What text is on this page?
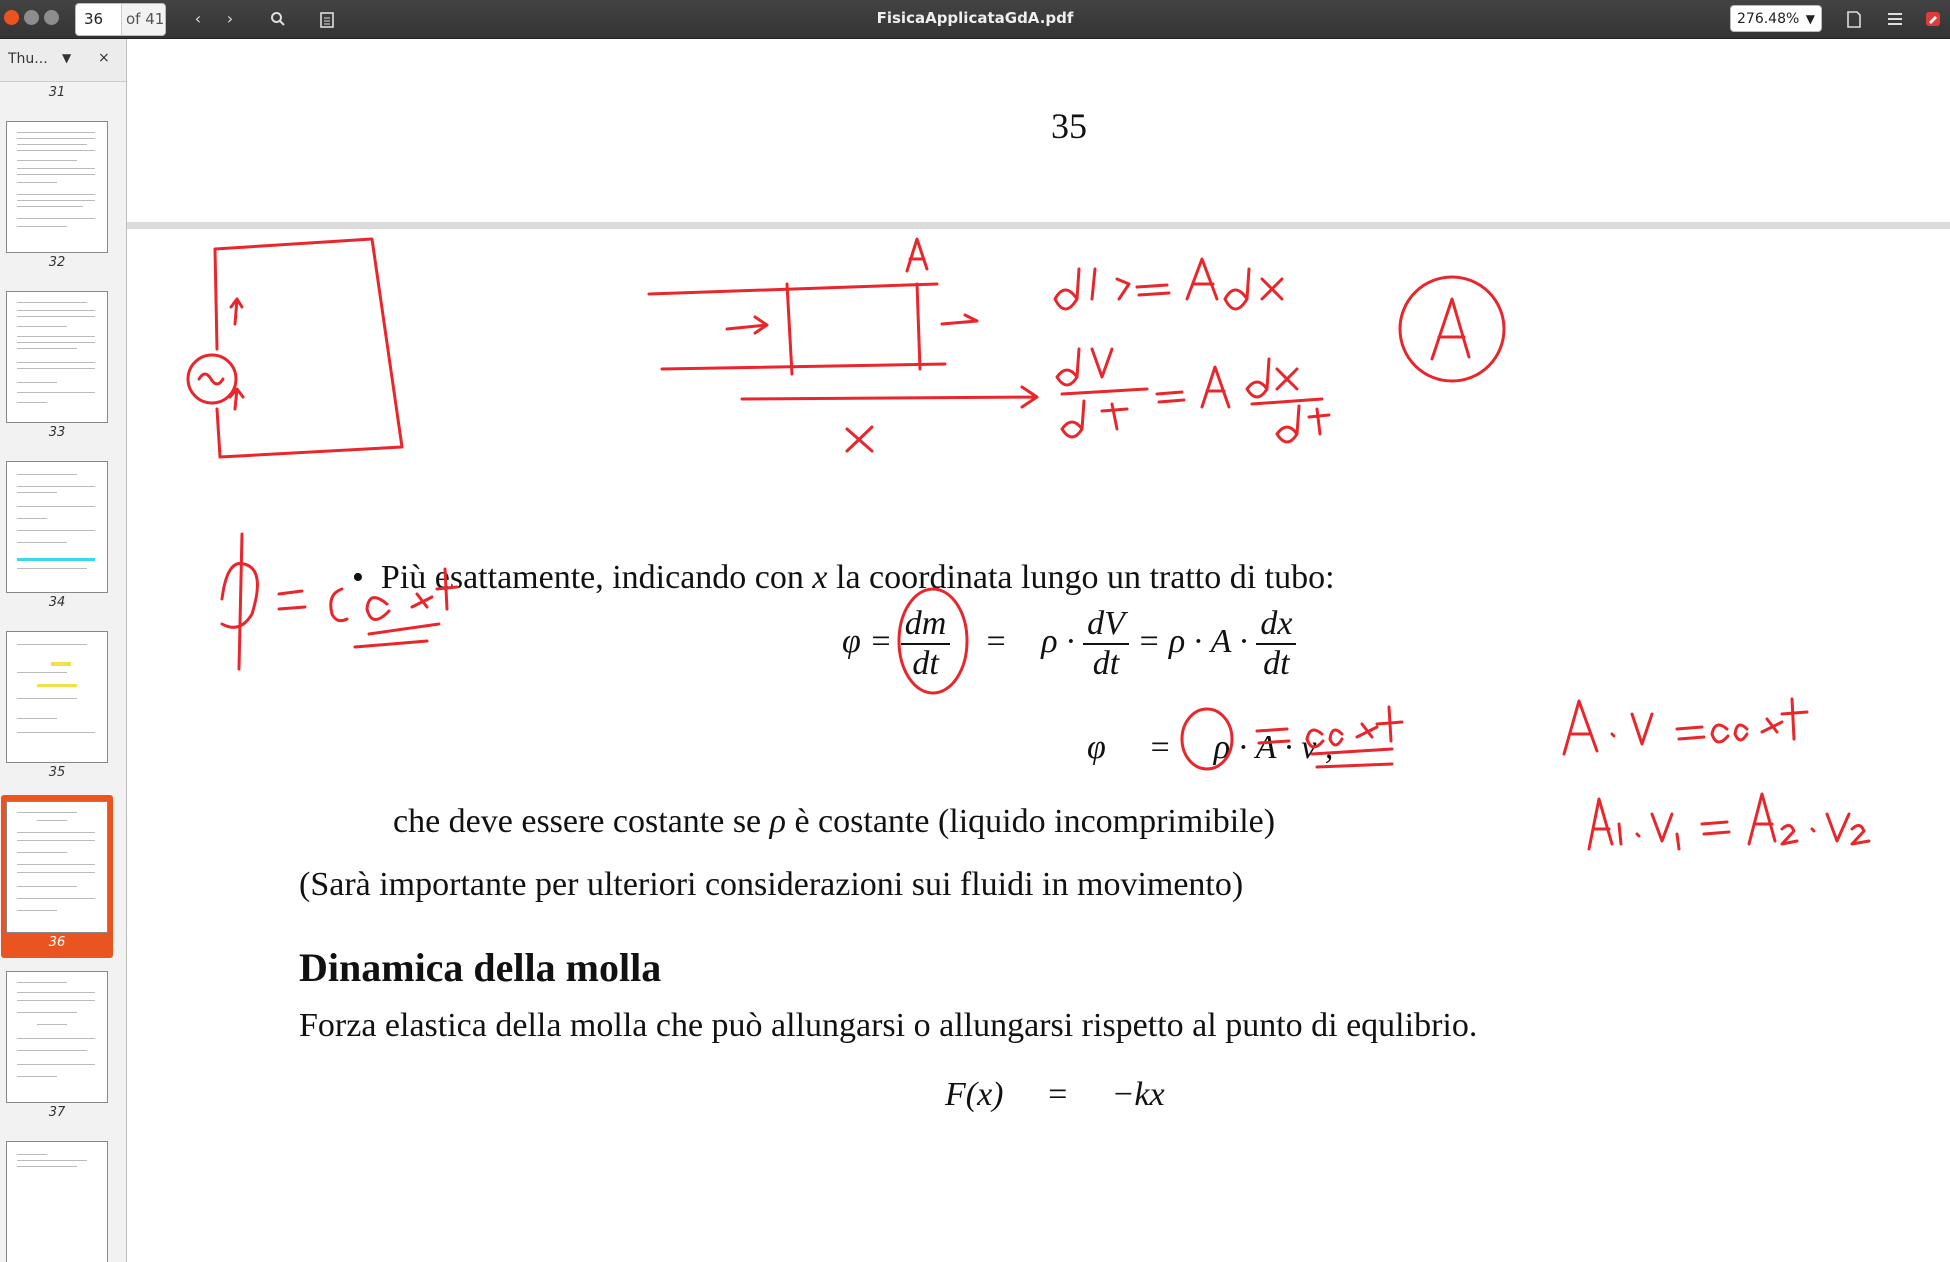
36	of 41	‹	›	FisicaApplicataGdA.pdf	276.48% ▼
Thu... ▼ ×
31
32
33
34
35
36
37
35
• Più esattamente, indicando con x la coordinata lungo un tratto di tubo:
$\varphi = \frac{dm}{dt} = \rho \cdot \frac{dV}{dt} = \rho \cdot A \cdot \frac{dx}{dt}$
φ = ρ · A · v ,
che deve essere costante se ρ è costante (liquido incomprimibile)
(Sarà importante per ulteriori considerazioni sui fluidi in movimento)
Dinamica della molla
Forza elastica della molla che può allungarsi o allungarsi rispetto al punto di equlibrio.
F(x) = −kx
